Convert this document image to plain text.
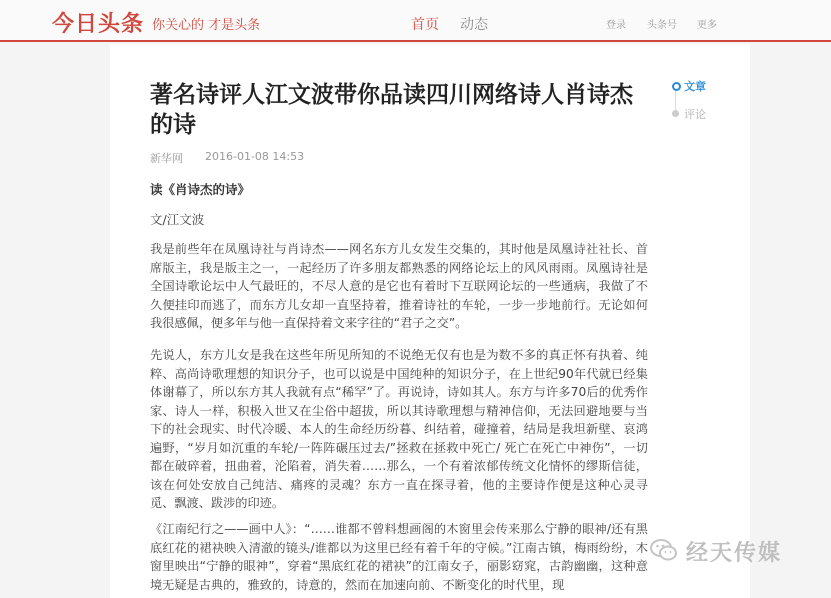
今日头条 你关心的 才是头条	首页 动态	登录 头条号 更多
著名诗评人江文波带你品读四川网络诗人肖诗杰的诗
新华网 2016-01-08 14:53
读《肖诗杰的诗》
文/江文波

我是前些年在凤凰诗社与肖诗杰——网名东方儿女发生交集的，其时他是凤凰诗社社长、首席版主，我是版主之一，一起经历了许多朋友都熟悉的网络论坛上的风风雨雨。凤凰诗社是全国诗歌论坛中人气最旺的，不尽人意的是它也有着时下互联网论坛的一些通病，我做了不久便挂印而逃了，而东方儿女却一直坚持着，推着诗社的车轮，一步一步地前行。无论如何我很感佩，便多年与他一直保持着文来字往的“君子之交”。

先说人，东方儿女是我在这些年所见所知的不说绝无仅有也是为数不多的真正怀有执着、纯粹、高尚诗歌理想的知识分子，也可以说是中国纯种的知识分子，在上世纪90年代就已经集体谢幕了，所以东方其人我就有点“稀罕”了。再说诗，诗如其人。东方与许多70后的优秀作家、诗人一样，积极入世又在尘俗中超拔，所以其诗歌理想与精神信仰，无法回避地要与当下的社会现实、时代冷暖、本人的生命经历纷暮、纠结着，碰撞着，结局是我坦新壁、哀鸿遍野，“岁月如沉重的车轮/一阵阵碾压过去/”拯救在拯救中死亡/ 死亡在死亡中神伤”，一切都在破碎着，扭曲着，沦陷着，消失着……那么，一个有着浓郁传统文化情怀的缪斯信徒，该在何处安放自己纯洁、痛疼的灵魂？东方一直在探寻着，他的主要诗作便是这种心灵寻觅、飘渡、跋涉的印迹。

《江南纪行之——画中人》：“……谁都不曾料想画阁的木窗里会传来那么宁静的眼神/还有黑底红花的裙袂映入清澈的镜头/谁都以为这里已经有着千年的守候。”江南古镇，梅雨纷纷，木窗里映出“宁静的眼神”，穿着“黑底红花的裙袂”的江南女子，丽影窈窕，古韵幽幽，这种意境无疑是古典的，雅致的，诗意的，然而在加速向前、不断变化的时代里，现

文章
评论
经天传媒
